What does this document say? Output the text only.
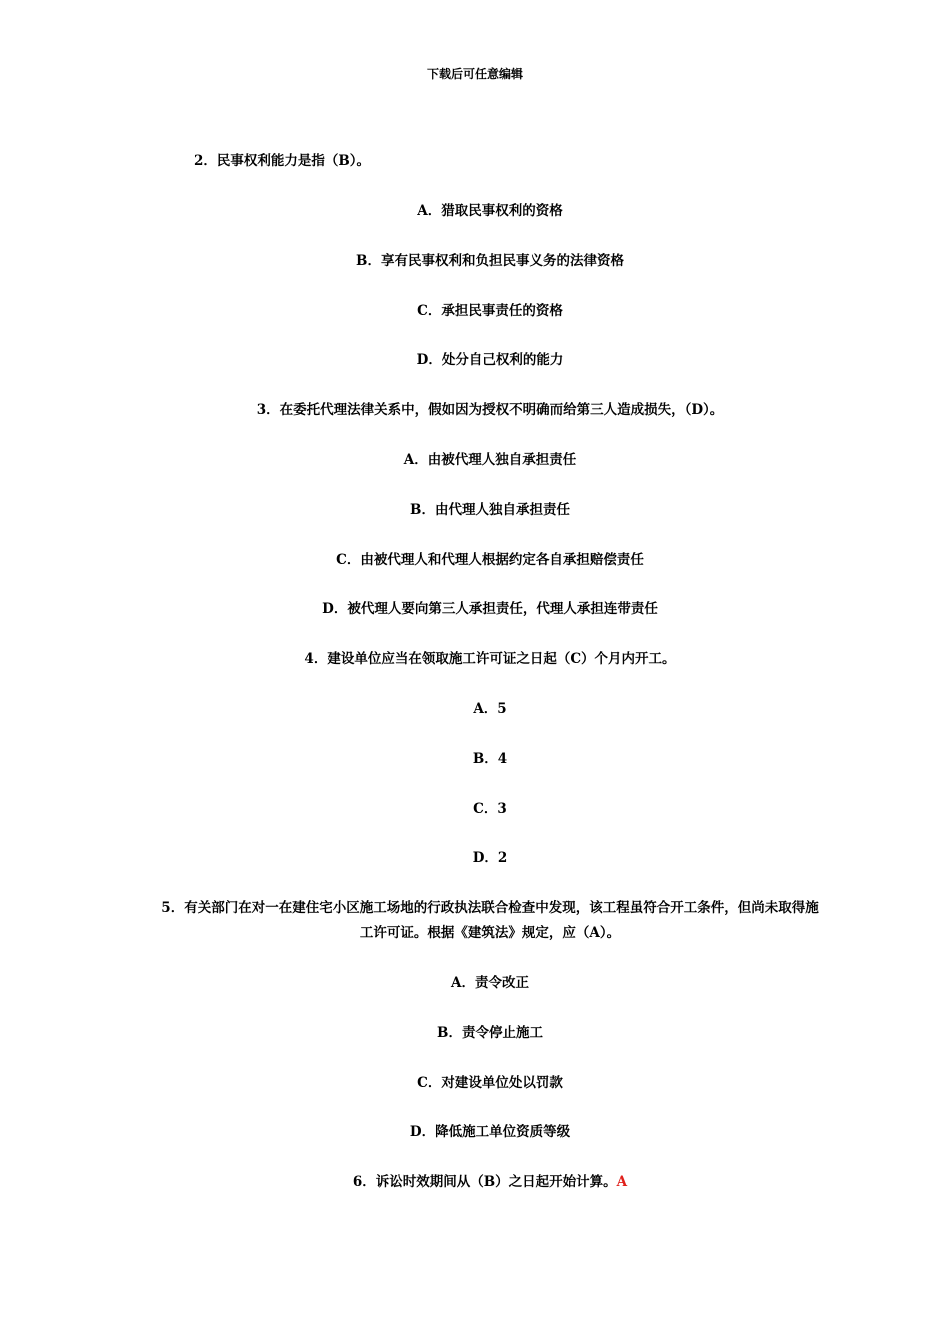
下载后可任意编辑
2．民事权利能力是指（B）。
A．猎取民事权利的资格
B．享有民事权利和负担民事义务的法律资格
C．承担民事责任的资格
D．处分自己权利的能力
3．在委托代理法律关系中，假如因为授权不明确而给第三人造成损失，（D）。
A．由被代理人独自承担责任
B．由代理人独自承担责任
C．由被代理人和代理人根据约定各自承担赔偿责任
D．被代理人要向第三人承担责任，代理人承担连带责任
4．建设单位应当在领取施工许可证之日起（C）个月内开工。
A．5
B．4
C．3
D．2
5．有关部门在对一在建住宅小区施工场地的行政执法联合检查中发现，该工程虽符合开工条件，但尚未取得施工许可证。根据《建筑法》规定，应（A）。
A．责令改正
B．责令停止施工
C．对建设单位处以罚款
D．降低施工单位资质等级
6．诉讼时效期间从（B）之日起开始计算。A
